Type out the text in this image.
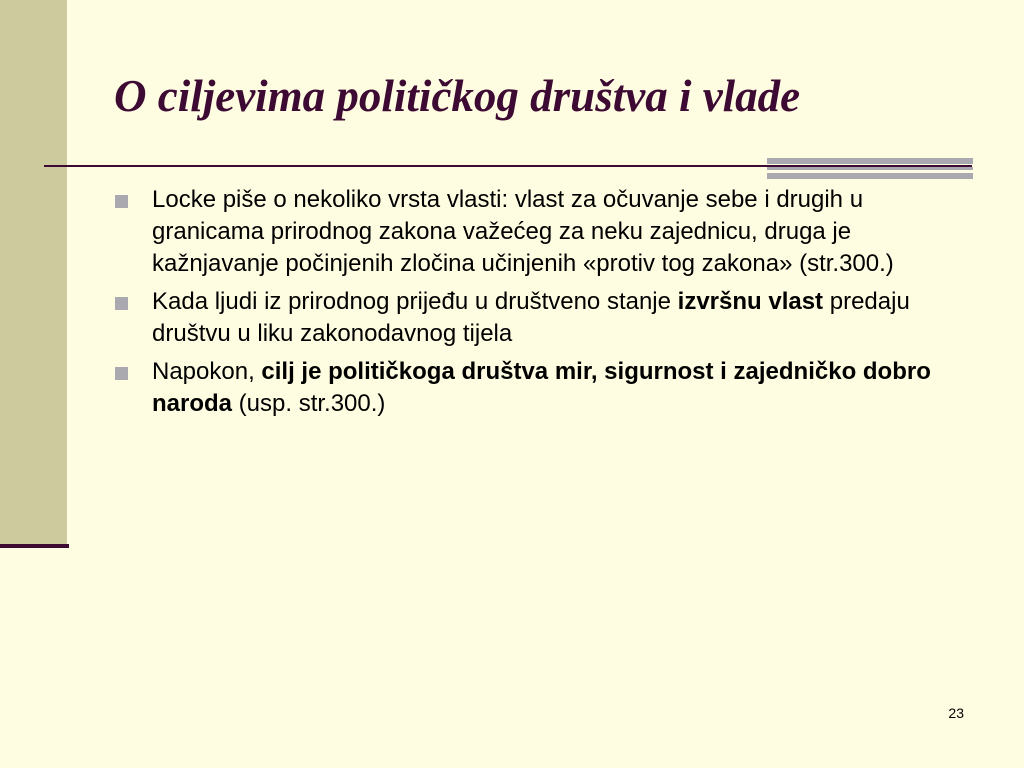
O ciljevima političkog društva i vlade
Locke piše o nekoliko vrsta vlasti: vlast za očuvanje sebe i drugih u granicama prirodnog zakona važećeg za neku zajednicu, druga je kažnjavanje počinjenih zločina učinjenih «protiv tog zakona» (str.300.)
Kada ljudi iz prirodnog prijeđu u društveno stanje izvršnu vlast predaju društvu u liku zakonodavnog tijela
Napokon, cilj je političkoga društva mir, sigurnost i zajedničko dobro naroda (usp. str.300.)
23
